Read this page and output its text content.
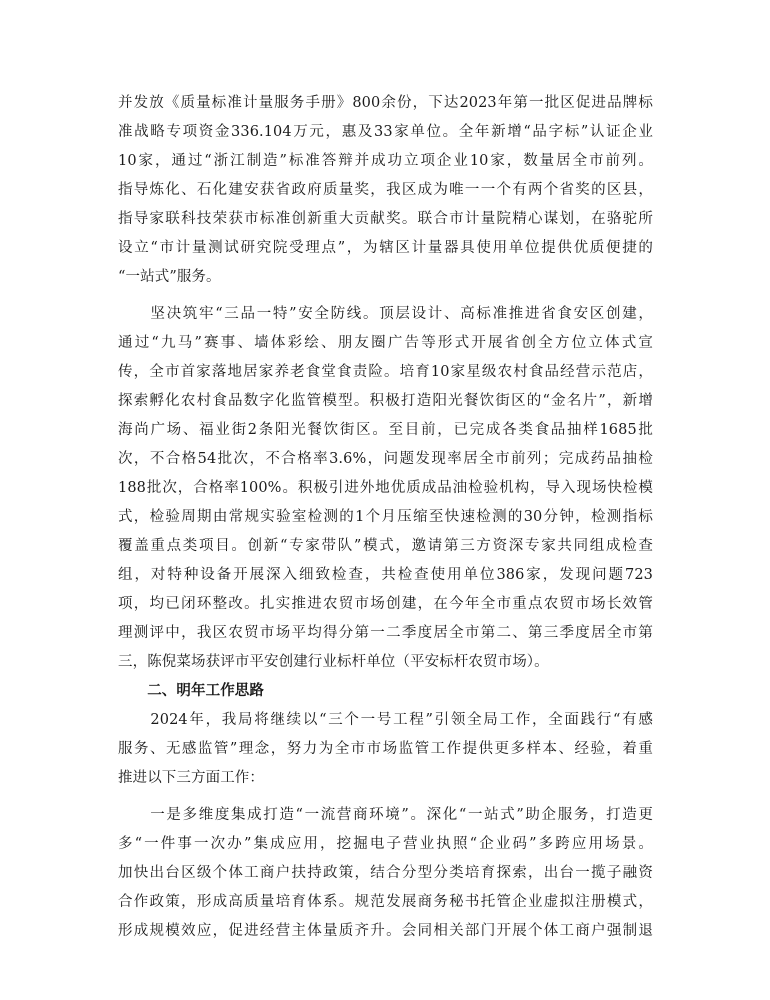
并发放《质量标准计量服务手册》800余份，下达2023年第一批区促进品牌标
准战略专项资金336.104万元，惠及33家单位。全年新增“品字标”认证企业
10家，通过“浙江制造”标准答辩并成功立项企业10家，数量居全市前列。
指导炼化、石化建安获省政府质量奖，我区成为唯一一个有两个省奖的区县，
指导家联科技荣获市标准创新重大贡献奖。联合市计量院精心谋划，在骆驼所
设立“市计量测试研究院受理点”，为辖区计量器具使用单位提供优质便捷的
“一站式”服务。
　　坚决筑牢“三品一特”安全防线。顶层设计、高标准推进省食安区创建，
通过“九马”赛事、墙体彩绘、朋友圈广告等形式开展省创全方位立体式宣
传，全市首家落地居家养老食堂食责险。培育10家星级农村食品经营示范店，
探索孵化农村食品数字化监管模型。积极打造阳光餐饮街区的“金名片”，新增
海尚广场、福业街2条阳光餐饮街区。至目前，已完成各类食品抽样1685批
次，不合格54批次，不合格率3.6%，问题发现率居全市前列；完成药品抽检
188批次，合格率100%。积极引进外地优质成品油检验机构，导入现场快检模
式，检验周期由常规实验室检测的1个月压缩至快速检测的30分钟，检测指标
覆盖重点类项目。创新“专家带队”模式，邀请第三方资深专家共同组成检查
组，对特种设备开展深入细致检查，共检查使用单位386家，发现问题723
项，均已闭环整改。扎实推进农贸市场创建，在今年全市重点农贸市场长效管
理测评中，我区农贸市场平均得分第一二季度居全市第二、第三季度居全市第
三，陈倪菜场获评市平安创建行业标杆单位（平安标杆农贸市场）。
　　二、明年工作思路
　　2024年，我局将继续以“三个一号工程”引领全局工作，全面践行“有感
服务、无感监管”理念，努力为全市市场监管工作提供更多样本、经验，着重
推进以下三方面工作：
　　一是多维度集成打造“一流营商环境”。深化“一站式”助企服务，打造更
多“一件事一次办”集成应用，挖掘电子营业执照“企业码”多跨应用场景。
加快出台区级个体工商户扶持政策，结合分型分类培育探索，出台一揽子融资
合作政策，形成高质量培育体系。规范发展商务秘书托管企业虚拟注册模式，
形成规模效应，促进经营主体量质齐升。会同相关部门开展个体工商户强制退
